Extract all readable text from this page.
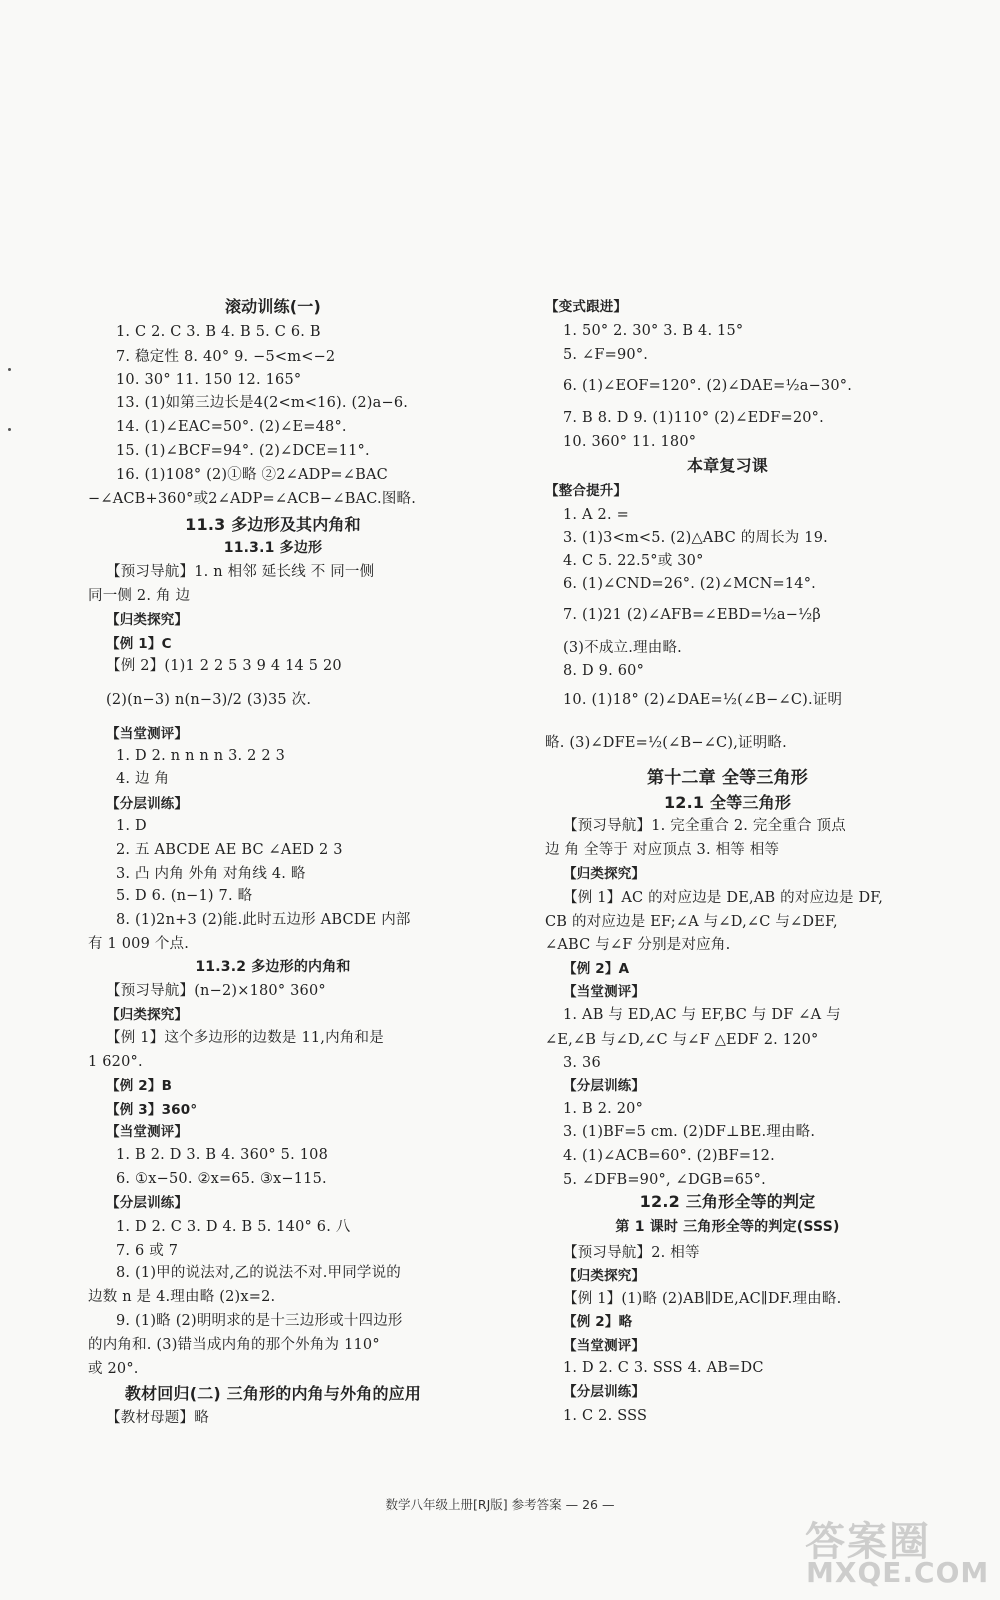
滚动训练(一)
1. C 2. C 3. B 4. B 5. C 6. B
7. 稳定性 8. 40° 9. −5<m<−2
10. 30° 11. 150 12. 165°
13. (1)如第三边长是4(2<m<16). (2)a−6.
14. (1)∠EAC=50°. (2)∠E=48°.
15. (1)∠BCF=94°. (2)∠DCE=11°.
16. (1)108° (2)①略 ②2∠ADP=∠BAC
−∠ACB+360°或2∠ADP=∠ACB−∠BAC.图略.
11.3 多边形及其内角和
11.3.1 多边形
【预习导航】1. n 相邻 延长线 不 同一侧
同一侧 2. 角 边
【归类探究】
【例 1】C
【例 2】(1)1 2 2 5 3 9 4 14 5 20
(2)(n−3) n(n−3)/2 (3)35 次.
【当堂测评】
1. D 2. n n n n 3. 2 2 3
4. 边 角
【分层训练】
1. D
2. 五 ABCDE AE BC ∠AED 2 3
3. 凸 内角 外角 对角线 4. 略
5. D 6. (n−1) 7. 略
8. (1)2n+3 (2)能.此时五边形 ABCDE 内部
有 1 009 个点.
11.3.2 多边形的内角和
【预习导航】(n−2)×180° 360°
【归类探究】
【例 1】这个多边形的边数是 11,内角和是
1 620°.
【例 2】B
【例 3】360°
【当堂测评】
1. B 2. D 3. B 4. 360° 5. 108
6. ①x−50. ②x=65. ③x−115.
【分层训练】
1. D 2. C 3. D 4. B 5. 140° 6. 八
7. 6 或 7
8. (1)甲的说法对,乙的说法不对.甲同学说的
边数 n 是 4.理由略 (2)x=2.
9. (1)略 (2)明明求的是十三边形或十四边形
的内角和. (3)错当成内角的那个外角为 110°
或 20°.
教材回归(二) 三角形的内角与外角的应用
【教材母题】略
【变式跟进】
1. 50° 2. 30° 3. B 4. 15°
5. ∠F=90°.
6. (1)∠EOF=120°. (2)∠DAE=½a−30°.
7. B 8. D 9. (1)110° (2)∠EDF=20°.
10. 360° 11. 180°
本章复习课
【整合提升】
1. A 2. =
3. (1)3<m<5. (2)△ABC 的周长为 19.
4. C 5. 22.5°或 30°
6. (1)∠CND=26°. (2)∠MCN=14°.
7. (1)21 (2)∠AFB=∠EBD=½a−½β
(3)不成立.理由略.
8. D 9. 60°
10. (1)18° (2)∠DAE=½(∠B−∠C).证明
略. (3)∠DFE=½(∠B−∠C),证明略.
第十二章 全等三角形
12.1 全等三角形
【预习导航】1. 完全重合 2. 完全重合 顶点
边 角 全等于 对应顶点 3. 相等 相等
【归类探究】
【例 1】AC 的对应边是 DE,AB 的对应边是 DF,
CB 的对应边是 EF;∠A 与∠D,∠C 与∠DEF,
∠ABC 与∠F 分别是对应角.
【例 2】A
【当堂测评】
1. AB 与 ED,AC 与 EF,BC 与 DF ∠A 与
∠E,∠B 与∠D,∠C 与∠F △EDF 2. 120°
3. 36
【分层训练】
1. B 2. 20°
3. (1)BF=5 cm. (2)DF⊥BE.理由略.
4. (1)∠ACB=60°. (2)BF=12.
5. ∠DFB=90°, ∠DGB=65°.
12.2 三角形全等的判定
第 1 课时 三角形全等的判定(SSS)
【预习导航】2. 相等
【归类探究】
【例 1】(1)略 (2)AB∥DE,AC∥DF.理由略.
【例 2】略
【当堂测评】
1. D 2. C 3. SSS 4. AB=DC
【分层训练】
1. C 2. SSS
数学八年级上册[RJ版] 参考答案 — 26 —
答案圈
MXQE.COM
